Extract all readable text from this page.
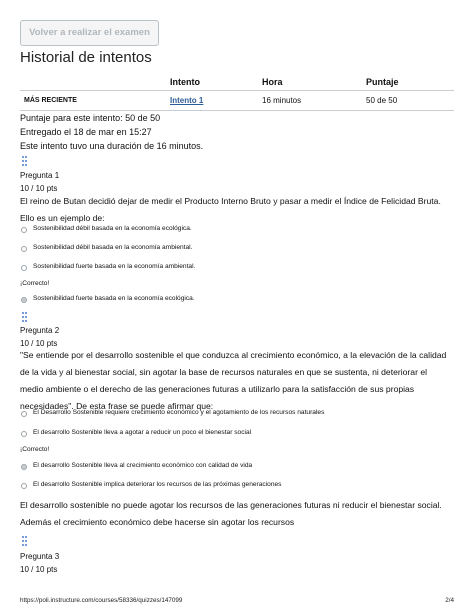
Volver a realizar el examen
Historial de intentos
	Intento	Hora	Puntaje
MÁS RECIENTE	Intento 1	16 minutos	50 de 50
Puntaje para este intento: 50 de 50
Entregado el 18 de mar en 15:27
Este intento tuvo una duración de 16 minutos.
Pregunta 1
10 / 10 pts
El reino de Butan decidió dejar de medir el Producto Interno Bruto y pasar a medir el Índice de Felicidad Bruta. Ello es un ejemplo de:
Sostenibilidad débil basada en la economía ecológica.
Sostenibilidad débil basada en la economía ambiental.
Sostenibilidad fuerte basada en la economía ambiental.
¡Correcto!
Sostenibilidad fuerte basada en la economía ecológica.
Pregunta 2
10 / 10 pts
"Se entiende por el desarrollo sostenible el que conduzca al crecimiento económico, a la elevación de la calidad de la vida y al bienestar social, sin agotar la base de recursos naturales en que se sustenta, ni deteriorar el medio ambiente o el derecho de las generaciones futuras a utilizarlo para la satisfacción de sus propias necesidades". De esta frase se puede afirmar que:
El Desarrollo Sostenible requiere crecimiento económico y el agotamiento de los recursos naturales
El desarrollo Sostenible lleva a agotar a reducir un poco el bienestar social
¡Correcto!
El desarrollo Sostenible lleva al crecimiento económico con calidad de vida
El desarrollo Sostenible implica deteriorar los recursos de las próximas generaciones
El desarrollo sostenible no puede agotar los recursos de las generaciones futuras ni reducir el bienestar social. Además el crecimiento económico debe hacerse sin agotar los recursos
Pregunta 3
10 / 10 pts
https://poli.instructure.com/courses/58336/quizzes/147099	2/4
